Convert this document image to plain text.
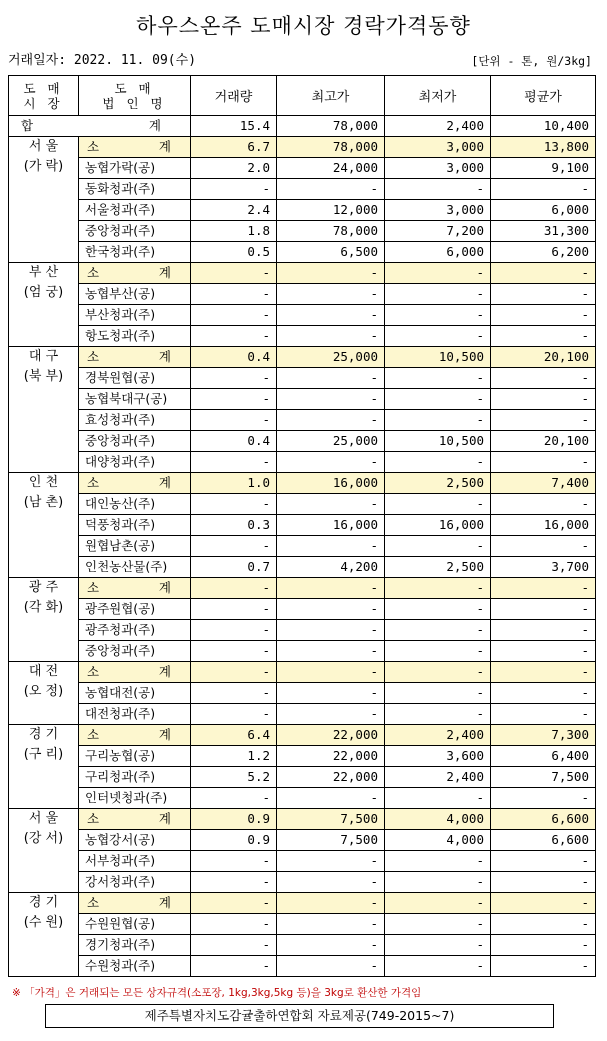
하우스온주 도매시장 경락가격동향
거래일자: 2022. 11. 09(수)	[단위 - 톤, 원/3kg]
도 매
시 장	도 매
법 인 명	거래량	최고가	최저가	평균가
합 계		15.4	78,000	2,400	10,400

서 울
(가 락)	소 계	6.7	78,000	3,000	13,800
	농협가락(공)	2.0	24,000	3,000	9,100
	동화청과(주)	-	-	-	-
	서울청과(주)	2.4	12,000	3,000	6,000
	중앙청과(주)	1.8	78,000	7,200	31,300
	한국청과(주)	0.5	6,500	6,000	6,200

부 산
(엄 궁)	소 계	-	-	-	-
	농협부산(공)	-	-	-	-
	부산청과(주)	-	-	-	-
	항도청과(주)	-	-	-	-

대 구
(북 부)	소 계	0.4	25,000	10,500	20,100
	경북원협(공)	-	-	-	-
	농협북대구(공)	-	-	-	-
	효성청과(주)	-	-	-	-
	중앙청과(주)	0.4	25,000	10,500	20,100
	대양청과(주)	-	-	-	-

인 천
(남 촌)	소 계	1.0	16,000	2,500	7,400
	대인농산(주)	-	-	-	-
	덕풍청과(주)	0.3	16,000	16,000	16,000
	원협남촌(공)	-	-	-	-
	인천농산물(주)	0.7	4,200	2,500	3,700

광 주
(각 화)	소 계	-	-	-	-
	광주원협(공)	-	-	-	-
	광주청과(주)	-	-	-	-
	중앙청과(주)	-	-	-	-

대 전
(오 정)	소 계	-	-	-	-
	농협대전(공)	-	-	-	-
	대전청과(주)	-	-	-	-

경 기
(구 리)	소 계	6.4	22,000	2,400	7,300
	구리농협(공)	1.2	22,000	3,600	6,400
	구리청과(주)	5.2	22,000	2,400	7,500
	인터넷청과(주)	-	-	-	-

서 울
(강 서)	소 계	0.9	7,500	4,000	6,600
	농협강서(공)	0.9	7,500	4,000	6,600
	서부청과(주)	-	-	-	-
	강서청과(주)	-	-	-	-

경 기
(수 원)	소 계	-	-	-	-
	수원원협(공)	-	-	-	-
	경기청과(주)	-	-	-	-
	수원청과(주)	-	-	-	-
※ 「가격」은 거래되는 모든 상자규격(소포장, 1kg,3kg,5kg 등)을 3kg로 환산한 가격임
제주특별자치도감귤출하연합회 자료제공(749-2015~7)
